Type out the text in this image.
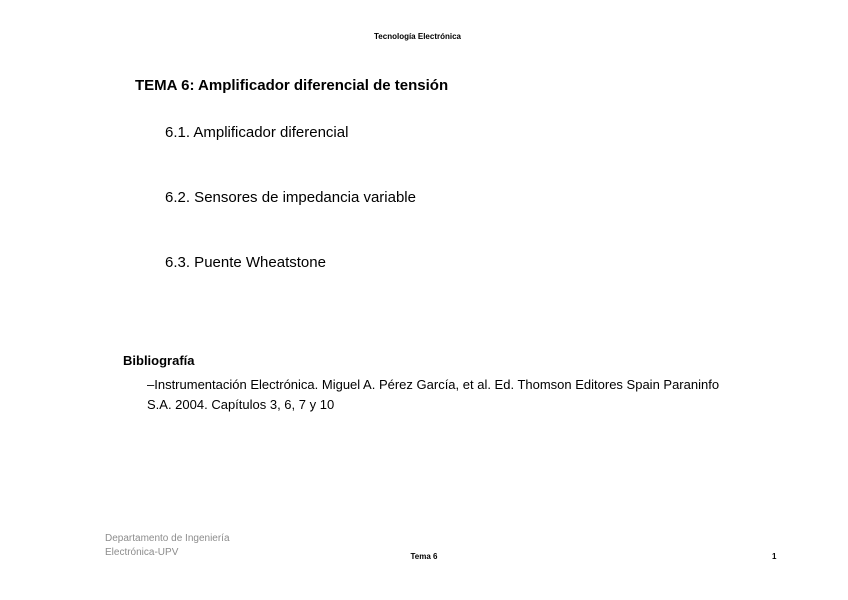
Tecnología Electrónica
TEMA 6: Amplificador diferencial de tensión
6.1. Amplificador diferencial
6.2. Sensores de impedancia variable
6.3. Puente Wheatstone
Bibliografía
–Instrumentación Electrónica. Miguel A. Pérez García, et al. Ed. Thomson Editores Spain Paraninfo S.A. 2004. Capítulos 3, 6, 7 y 10
Departamento de Ingeniería Electrónica-UPV	Tema 6	1
